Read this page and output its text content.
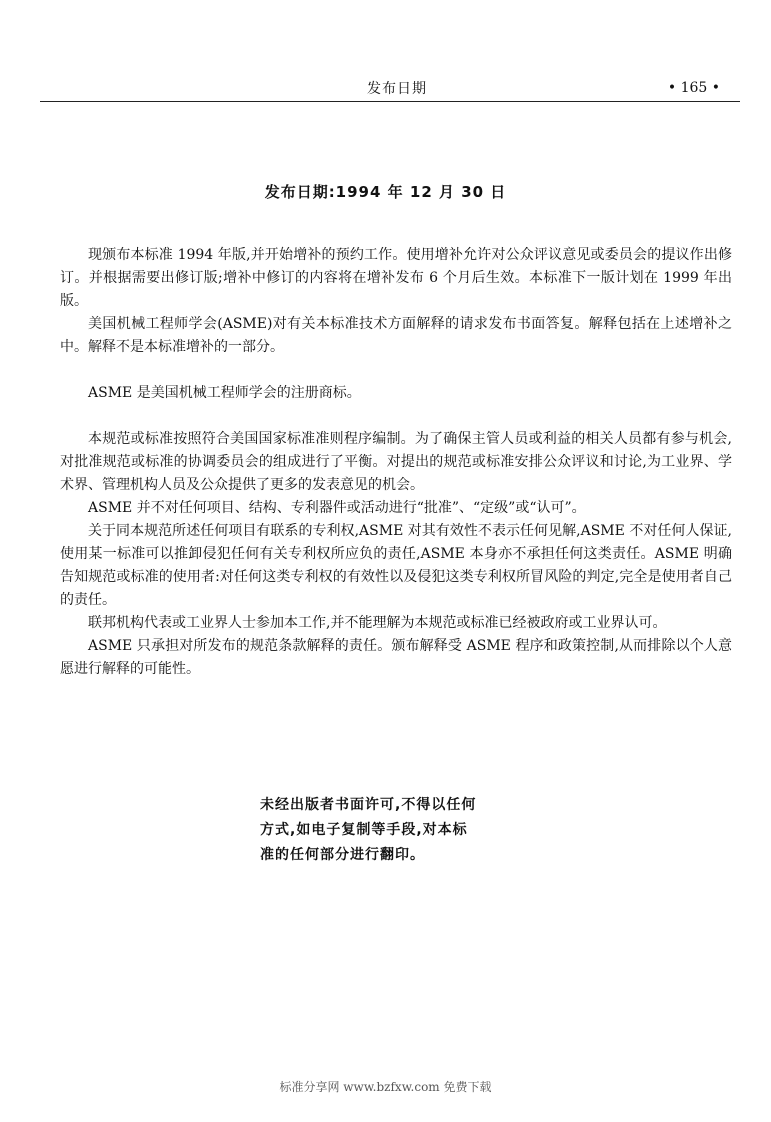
发布日期	• 165 •
发布日期:1994 年 12 月 30 日

现颁布本标准 1994 年版,并开始增补的预约工作。使用增补允许对公众评议意见或委员会的提议作出修订。并根据需要出修订版;增补中修订的内容将在增补发布 6 个月后生效。本标准下一版计划在 1999 年出版。

美国机械工程师学会(ASME)对有关本标准技术方面解释的请求发布书面答复。解释包括在上述增补之中。解释不是本标准增补的一部分。

ASME 是美国机械工程师学会的注册商标。

本规范或标准按照符合美国国家标准准则程序编制。为了确保主管人员或利益的相关人员都有参与机会,对批准规范或标准的协调委员会的组成进行了平衡。对提出的规范或标准安排公众评议和讨论,为工业界、学术界、管理机构人员及公众提供了更多的发表意见的机会。

ASME 并不对任何项目、结构、专利器件或活动进行“批准”、“定级”或“认可”。

关于同本规范所述任何项目有联系的专利权,ASME 对其有效性不表示任何见解,ASME 不对任何人保证,使用某一标准可以推卸侵犯任何有关专利权所应负的责任,ASME 本身亦不承担任何这类责任。ASME 明确告知规范或标准的使用者:对任何这类专利权的有效性以及侵犯这类专利权所冒风险的判定,完全是使用者自己的责任。

联邦机构代表或工业界人士参加本工作,并不能理解为本规范或标准已经被政府或工业界认可。

ASME 只承担对所发布的规范条款解释的责任。颁布解释受 ASME 程序和政策控制,从而排除以个人意愿进行解释的可能性。

未经出版者书面许可,不得以任何
方式,如电子复制等手段,对本标
准的任何部分进行翻印。
标准分享网 www.bzfxw.com 免费下载
